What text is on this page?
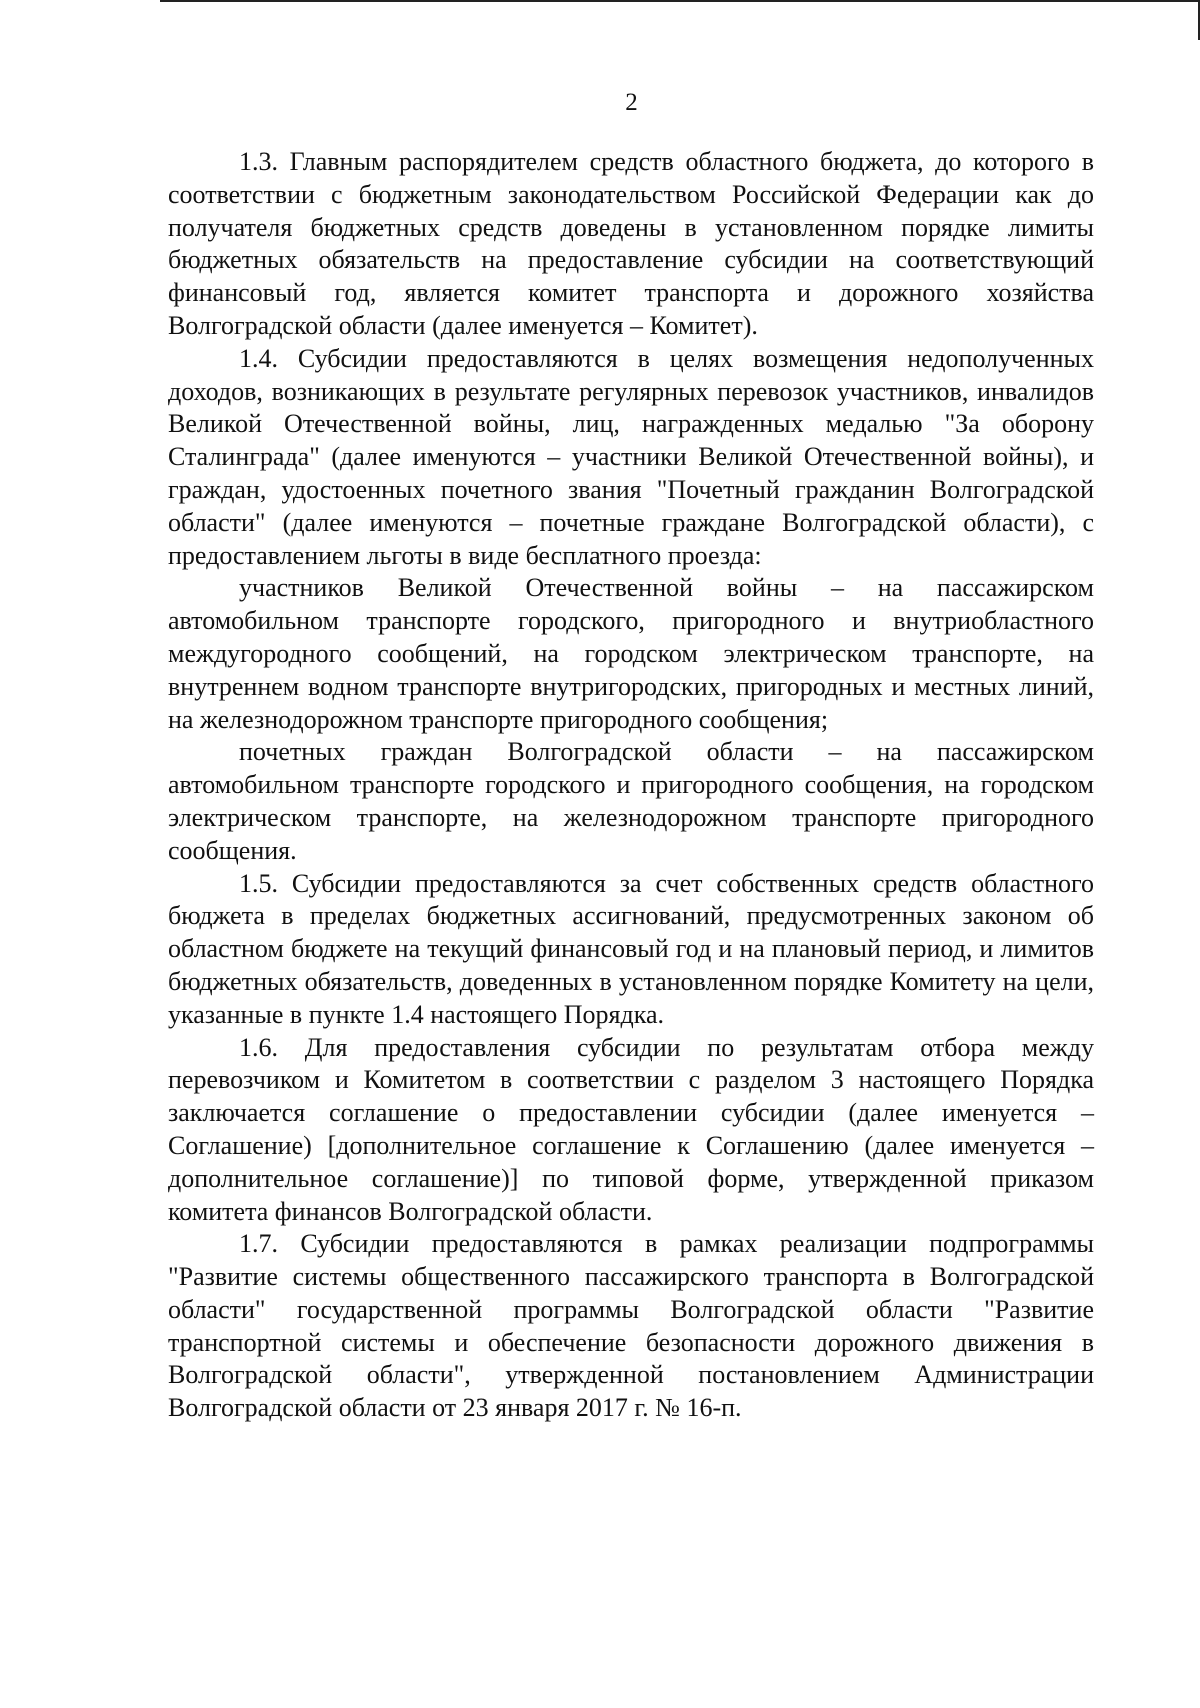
2

1.3. Главным распорядителем средств областного бюджета, до которого в соответствии с бюджетным законодательством Российской Федерации как до получателя бюджетных средств доведены в установленном порядке лимиты бюджетных обязательств на предоставление субсидии на соответствующий финансовый год, является комитет транспорта и дорожного хозяйства Волгоградской области (далее именуется – Комитет).

1.4. Субсидии предоставляются в целях возмещения недополученных доходов, возникающих в результате регулярных перевозок участников, инвалидов Великой Отечественной войны, лиц, награжденных медалью "За оборону Сталинграда" (далее именуются – участники Великой Отечественной войны), и граждан, удостоенных почетного звания "Почетный гражданин Волгоградской области" (далее именуются – почетные граждане Волгоградской области), с предоставлением льготы в виде бесплатного проезда:

участников Великой Отечественной войны – на пассажирском автомобильном транспорте городского, пригородного и внутриобластного междугородного сообщений, на городском электрическом транспорте, на внутреннем водном транспорте внутригородских, пригородных и местных линий, на железнодорожном транспорте пригородного сообщения;

почетных граждан Волгоградской области – на пассажирском автомобильном транспорте городского и пригородного сообщения, на городском электрическом транспорте, на железнодорожном транспорте пригородного сообщения.

1.5. Субсидии предоставляются за счет собственных средств областного бюджета в пределах бюджетных ассигнований, предусмотренных законом об областном бюджете на текущий финансовый год и на плановый период, и лимитов бюджетных обязательств, доведенных в установленном порядке Комитету на цели, указанные в пункте 1.4 настоящего Порядка.

1.6. Для предоставления субсидии по результатам отбора между перевозчиком и Комитетом в соответствии с разделом 3 настоящего Порядка заключается соглашение о предоставлении субсидии (далее именуется – Соглашение) [дополнительное соглашение к Соглашению (далее именуется – дополнительное соглашение)] по типовой форме, утвержденной приказом комитета финансов Волгоградской области.

1.7. Субсидии предоставляются в рамках реализации подпрограммы "Развитие системы общественного пассажирского транспорта в Волгоградской области" государственной программы Волгоградской области "Развитие транспортной системы и обеспечение безопасности дорожного движения в Волгоградской области", утвержденной постановлением Администрации Волгоградской области от 23 января 2017 г. № 16-п.
